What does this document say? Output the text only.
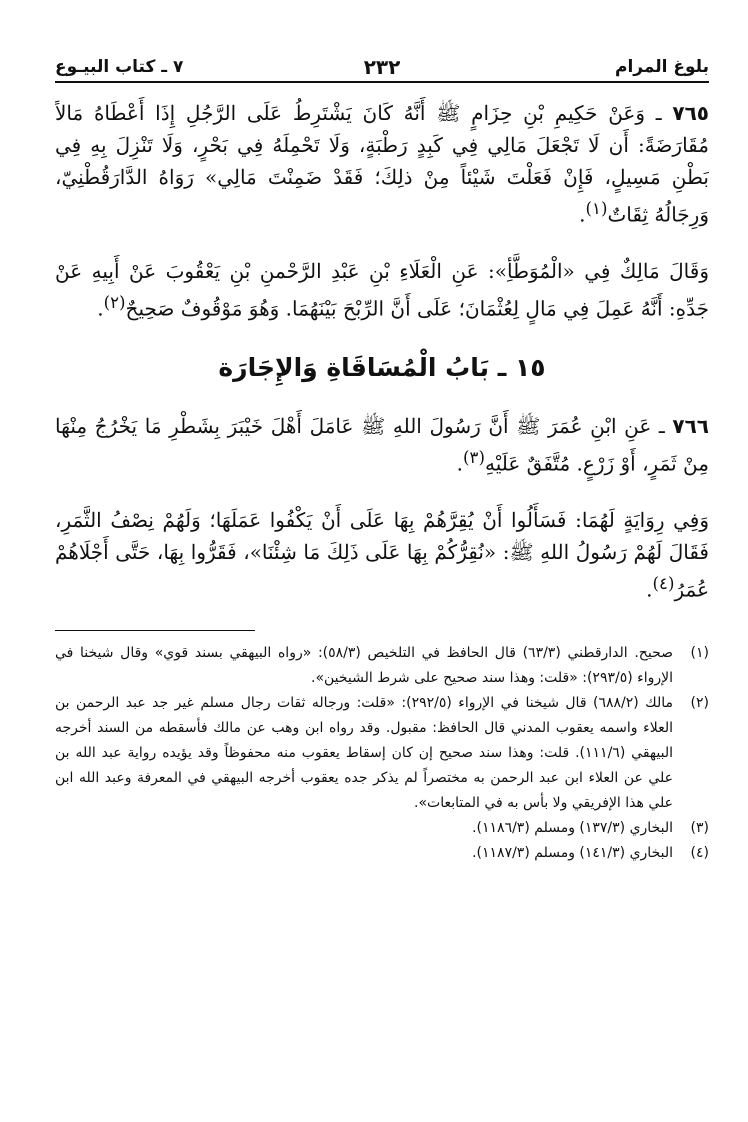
بلوغ المرام
٢٣٢
٧ ـ كتاب البيـوع

٧٦٥ ـ وَعَنْ حَكِيمِ بْنِ حِزَامٍ ﷺ أَنَّهُ كَانَ يَشْتَرِطُ عَلَى الرَّجُلِ إِذَا أَعْطَاهُ مَالاً مُقَارَضَةً: أَن لَا تَجْعَلَ مَالِي فِي كَبِدٍ رَطْبَةٍ، وَلَا تَحْمِلَهُ فِي بَحْرٍ، وَلَا تَنْزِلَ بِهِ فِي بَطْنِ مَسِيلٍ، فَإِنْ فَعَلْتَ شَيْئاً مِنْ ذلِكَ؛ فَقَدْ ضَمِنْتَ مَالِي» رَوَاهُ الدَّارَقُطْنِيّ، وَرِجَالُهُ ثِقَاتٌ$^{(١)}$.

وَقَالَ مَالِكٌ فِي «الْمُوَطَّأِ»: عَنِ الْعَلَاءِ بْنِ عَبْدِ الرَّحْمنِ بْنِ يَعْقُوبَ عَنْ أَبِيهِ عَنْ جَدِّهِ: أَنَّهُ عَمِلَ فِي مَالٍ لِعُثْمَانَ؛ عَلَى أَنَّ الرِّبْحَ بَيْنَهُمَا. وَهُوَ مَوْقُوفٌ صَحِيحٌ$^{(٢)}$.

١٥ ـ بَابُ الْمُسَاقَاةِ وَالإِجَارَة

٧٦٦ ـ عَنِ ابْنِ عُمَرَ ﷺ أَنَّ رَسُولَ اللهِ ﷺ عَامَلَ أَهْلَ خَيْبَرَ بِشَطْرِ مَا يَخْرُجُ مِنْهَا مِنْ ثَمَرٍ، أَوْ زَرْعٍ. مُتَّفَقٌ عَلَيْهِ$^{(٣)}$.

وَفِي رِوَايَةٍ لَهُمَا: فَسَأَلُوا أَنْ يُقِرَّهُمْ بِهَا عَلَى أَنْ يَكْفُوا عَمَلَهَا؛ وَلَهُمْ نِصْفُ الثَّمَرِ، فَقَالَ لَهُمْ رَسُولُ اللهِ ﷺ: «نُقِرُّكُمْ بِهَا عَلَى ذَلِكَ مَا شِئْنَا»، فَقَرُّوا بِهَا، حَتَّى أَجْلَاهُمْ عُمَرُ$^{(٤)}$.

(١)
صحيح. الدارقطني (٦٣/٣) قال الحافظ في التلخيص (٥٨/٣): «رواه البيهقي بسند قوي» وقال شيخنا في الإرواء (٢٩٣/٥): «قلت: وهذا سند صحيح على شرط الشيخين».
(٢)
مالك (٦٨٨/٢) قال شيخنا في الإرواء (٢٩٢/٥): «قلت: ورجاله ثقات رجال مسلم غير جد عبد الرحمن بن العلاء واسمه يعقوب المدني قال الحافظ: مقبول. وقد رواه ابن وهب عن مالك فأسقطه من السند أخرجه البيهقي (١١١/٦). قلت: وهذا سند صحيح إن كان إسقاط يعقوب منه محفوظاً وقد يؤيده رواية عبد الله بن علي عن العلاء ابن عبد الرحمن به مختصراً لم يذكر جده يعقوب أخرجه البيهقي في المعرفة وعبد الله ابن علي هذا الإفريقي ولا بأس به في المتابعات».
(٣)
البخاري (١٣٧/٣) ومسلم (١١٨٦/٣).
(٤)
البخاري (١٤١/٣) ومسلم (١١٨٧/٣).
